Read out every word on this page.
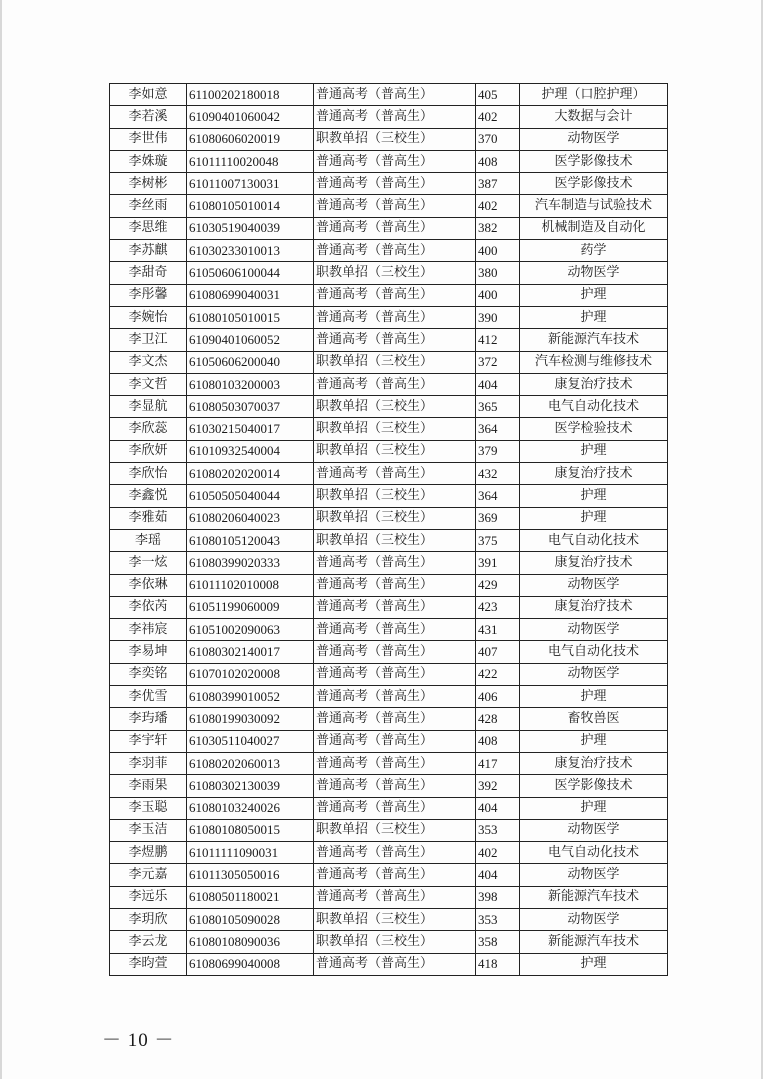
李如意	61100202180018	普通高考（普高生）	405	护理（口腔护理）
李若溪	61090401060042	普通高考（普高生）	402	大数据与会计
李世伟	61080606020019	职教单招（三校生）	370	动物医学
李姝璇	61011110020048	普通高考（普高生）	408	医学影像技术
李树彬	61011007130031	普通高考（普高生）	387	医学影像技术
李丝雨	61080105010014	普通高考（普高生）	402	汽车制造与试验技术
李思维	61030519040039	普通高考（普高生）	382	机械制造及自动化
李苏麒	61030233010013	普通高考（普高生）	400	药学
李甜奇	61050606100044	职教单招（三校生）	380	动物医学
李彤馨	61080699040031	普通高考（普高生）	400	护理
李婉怡	61080105010015	普通高考（普高生）	390	护理
李卫江	61090401060052	普通高考（普高生）	412	新能源汽车技术
李文杰	61050606200040	职教单招（三校生）	372	汽车检测与维修技术
李文哲	61080103200003	普通高考（普高生）	404	康复治疗技术
李显航	61080503070037	职教单招（三校生）	365	电气自动化技术
李欣蕊	61030215040017	职教单招（三校生）	364	医学检验技术
李欣妍	61010932540004	职教单招（三校生）	379	护理
李欣怡	61080202020014	普通高考（普高生）	432	康复治疗技术
李鑫悦	61050505040044	职教单招（三校生）	364	护理
李雅茹	61080206040023	职教单招（三校生）	369	护理
李瑶	61080105120043	职教单招（三校生）	375	电气自动化技术
李一炫	61080399020333	普通高考（普高生）	391	康复治疗技术
李依琳	61011102010008	普通高考（普高生）	429	动物医学
李依芮	61051199060009	普通高考（普高生）	423	康复治疗技术
李祎宸	61051002090063	普通高考（普高生）	431	动物医学
李易坤	61080302140017	普通高考（普高生）	407	电气自动化技术
李奕铭	61070102020008	普通高考（普高生）	422	动物医学
李优雪	61080399010052	普通高考（普高生）	406	护理
李玙璠	61080199030092	普通高考（普高生）	428	畜牧兽医
李宇轩	61030511040027	普通高考（普高生）	408	护理
李羽菲	61080202060013	普通高考（普高生）	417	康复治疗技术
李雨果	61080302130039	普通高考（普高生）	392	医学影像技术
李玉聪	61080103240026	普通高考（普高生）	404	护理
李玉洁	61080108050015	职教单招（三校生）	353	动物医学
李煜鹏	61011111090031	普通高考（普高生）	402	电气自动化技术
李元嘉	61011305050016	普通高考（普高生）	404	动物医学
李远乐	61080501180021	普通高考（普高生）	398	新能源汽车技术
李玥欣	61080105090028	职教单招（三校生）	353	动物医学
李云龙	61080108090036	职教单招（三校生）	358	新能源汽车技术
李昀萱	61080699040008	普通高考（普高生）	418	护理
－ 10 －
